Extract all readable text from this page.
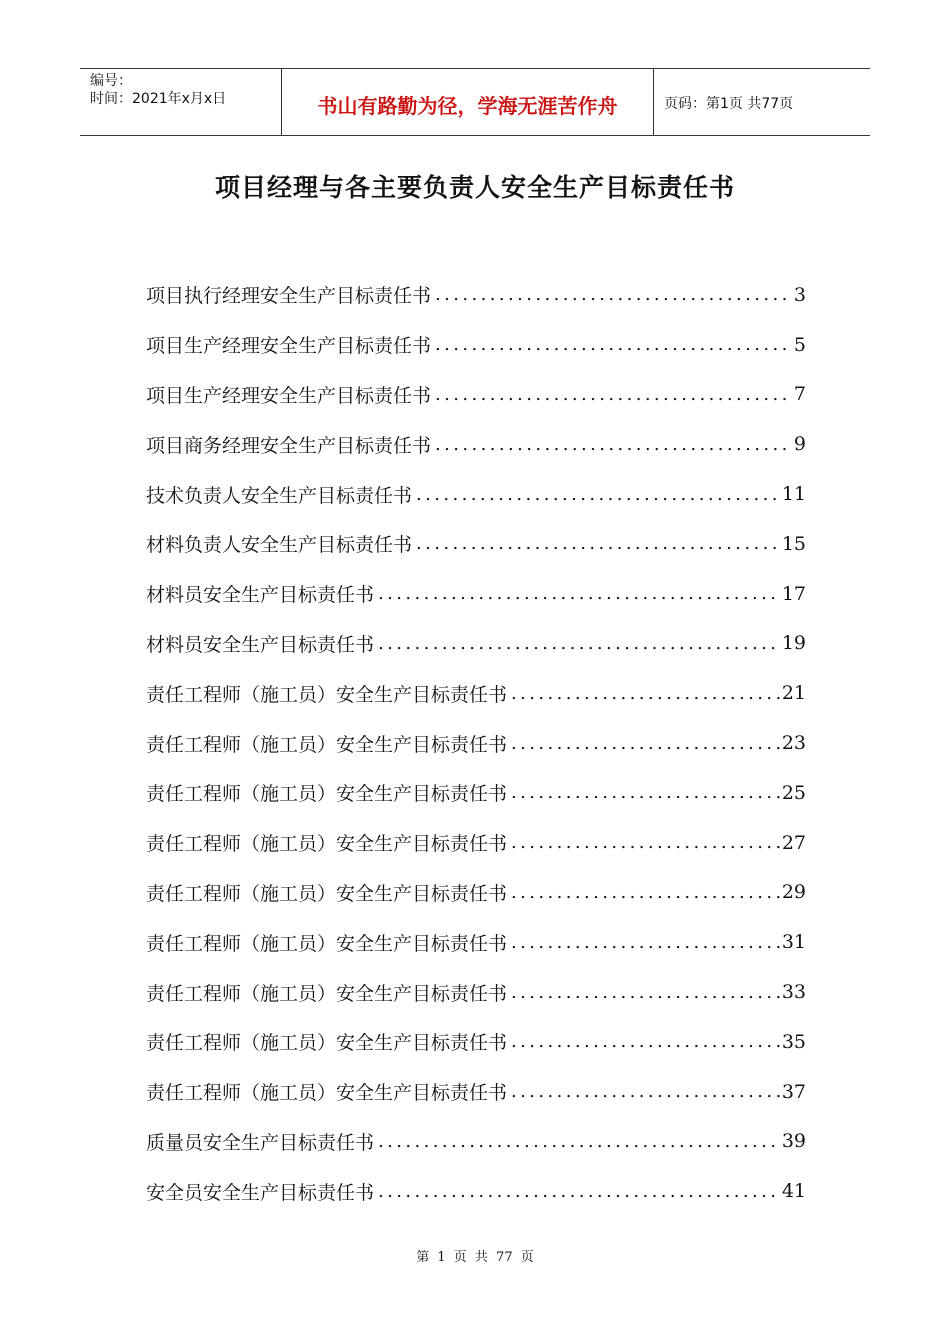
编号：
时间：2021年x月x日	书山有路勤为径，学海无涯苦作舟	页码：第1页 共77页
项目经理与各主要负责人安全生产目标责任书
项目执行经理安全生产目标责任书 .....	3
项目生产经理安全生产目标责任书 .....	5
项目生产经理安全生产目标责任书 .....	7
项目商务经理安全生产目标责任书 .....	9
技术负责人安全生产目标责任书 .....	11
材料负责人安全生产目标责任书 .....	15
材料员安全生产目标责任书 .....	17
材料员安全生产目标责任书 .....	19
责任工程师（施工员）安全生产目标责任书 .....	21
责任工程师（施工员）安全生产目标责任书 .....	23
责任工程师（施工员）安全生产目标责任书 .....	25
责任工程师（施工员）安全生产目标责任书 .....	27
责任工程师（施工员）安全生产目标责任书 .....	29
责任工程师（施工员）安全生产目标责任书 .....	31
责任工程师（施工员）安全生产目标责任书 .....	33
责任工程师（施工员）安全生产目标责任书 .....	35
责任工程师（施工员）安全生产目标责任书 .....	37
质量员安全生产目标责任书 .....	39
安全员安全生产目标责任书 .....	41
第 1 页 共 77 页
